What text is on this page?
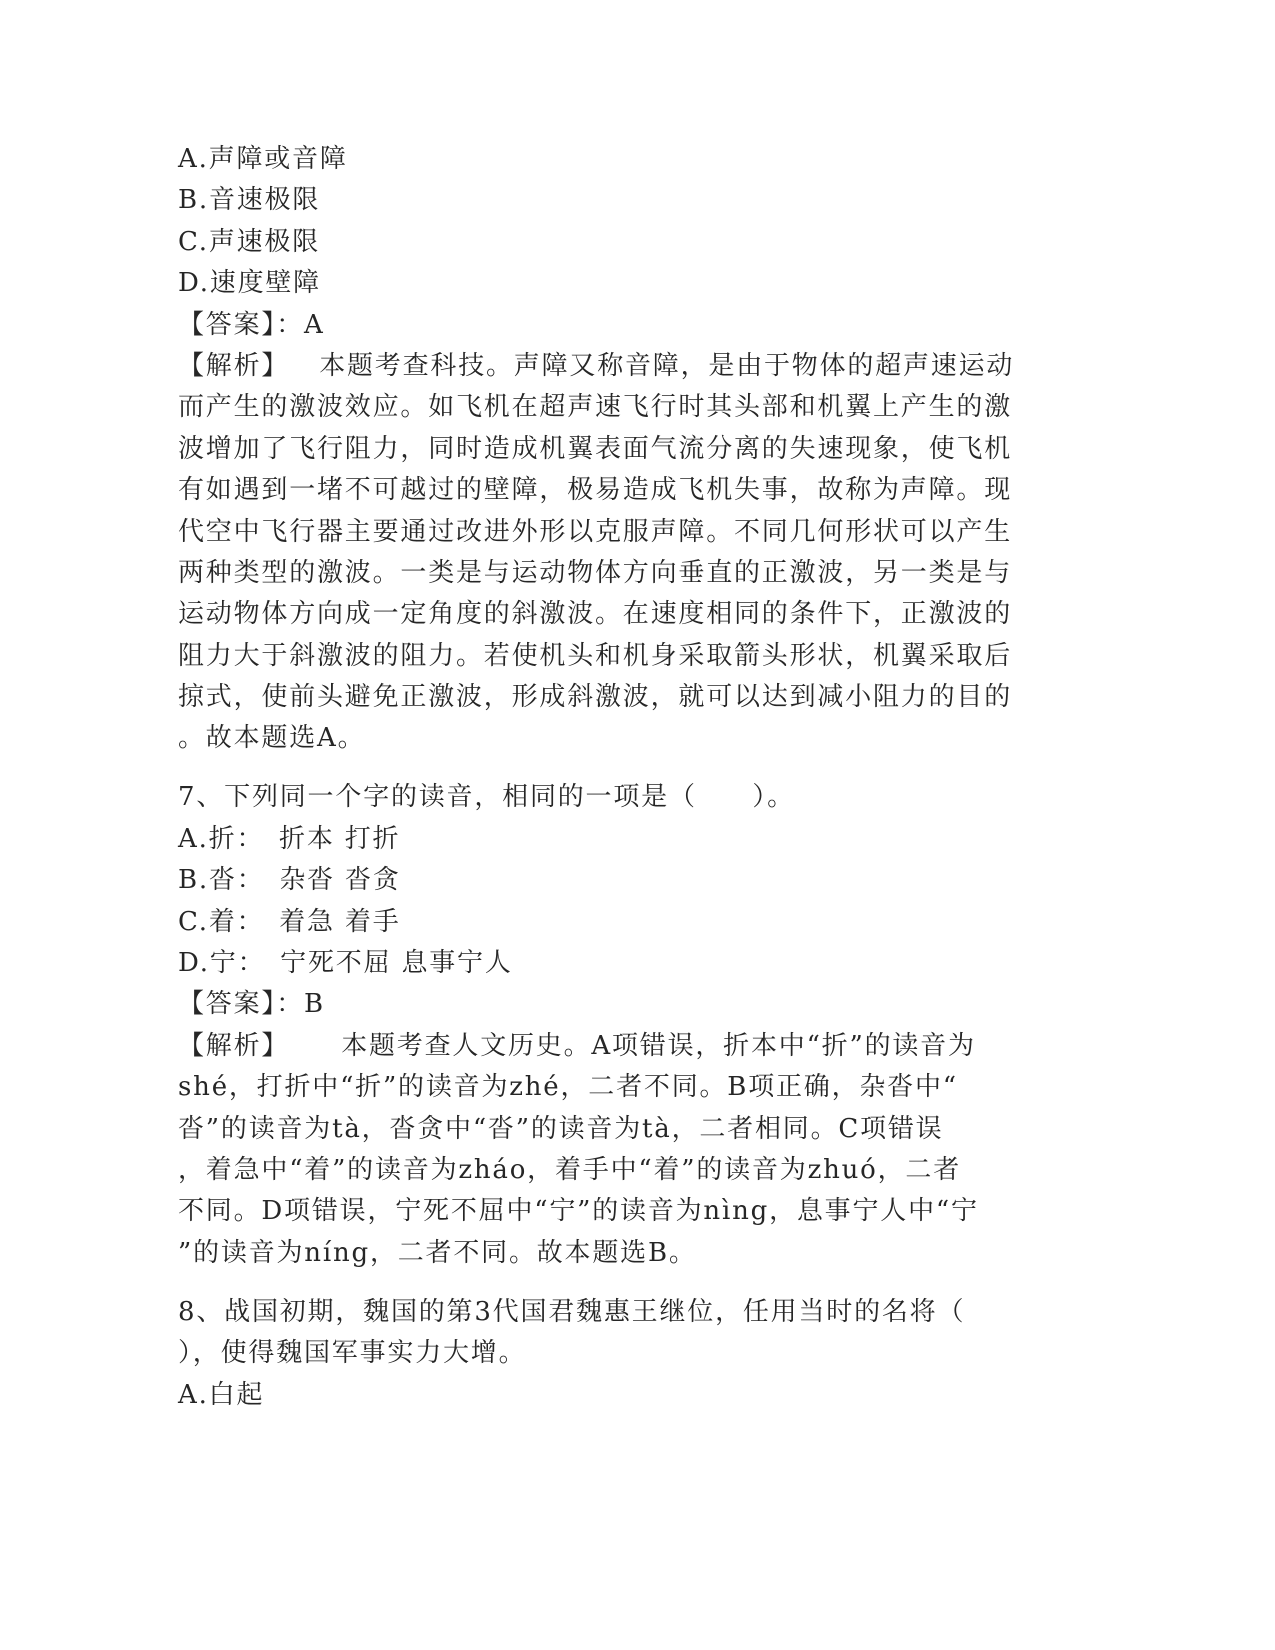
A.声障或音障
B.音速极限
C.声速极限
D.速度壁障
【答案】：A
【解析】 本题考查科技。声障又称音障，是由于物体的超声速运动
而产生的激波效应。如飞机在超声速飞行时其头部和机翼上产生的激
波增加了飞行阻力，同时造成机翼表面气流分离的失速现象，使飞机
有如遇到一堵不可越过的壁障，极易造成飞机失事，故称为声障。现
代空中飞行器主要通过改进外形以克服声障。不同几何形状可以产生
两种类型的激波。一类是与运动物体方向垂直的正激波，另一类是与
运动物体方向成一定角度的斜激波。在速度相同的条件下，正激波的
阻力大于斜激波的阻力。若使机头和机身采取箭头形状，机翼采取后
掠式，使前头避免正激波，形成斜激波，就可以达到减小阻力的目的
。故本题选A。
7、下列同一个字的读音，相同的一项是（　　）。
A.折：　折本 打折
B.沓：　杂沓 沓贪
C.着：　着急 着手
D.宁：　宁死不屈 息事宁人
【答案】：B
【解析】 本题考查人文历史。A项错误，折本中“折”的读音为
shé，打折中“折”的读音为zhé，二者不同。B项正确，杂沓中“
沓”的读音为tà，沓贪中“沓”的读音为tà，二者相同。C项错误
，着急中“着”的读音为zháo，着手中“着”的读音为zhuó，二者
不同。D项错误，宁死不屈中“宁”的读音为nìng，息事宁人中“宁
”的读音为níng，二者不同。故本题选B。
8、战国初期，魏国的第3代国君魏惠王继位，任用当时的名将（
），使得魏国军事实力大增。
A.白起
